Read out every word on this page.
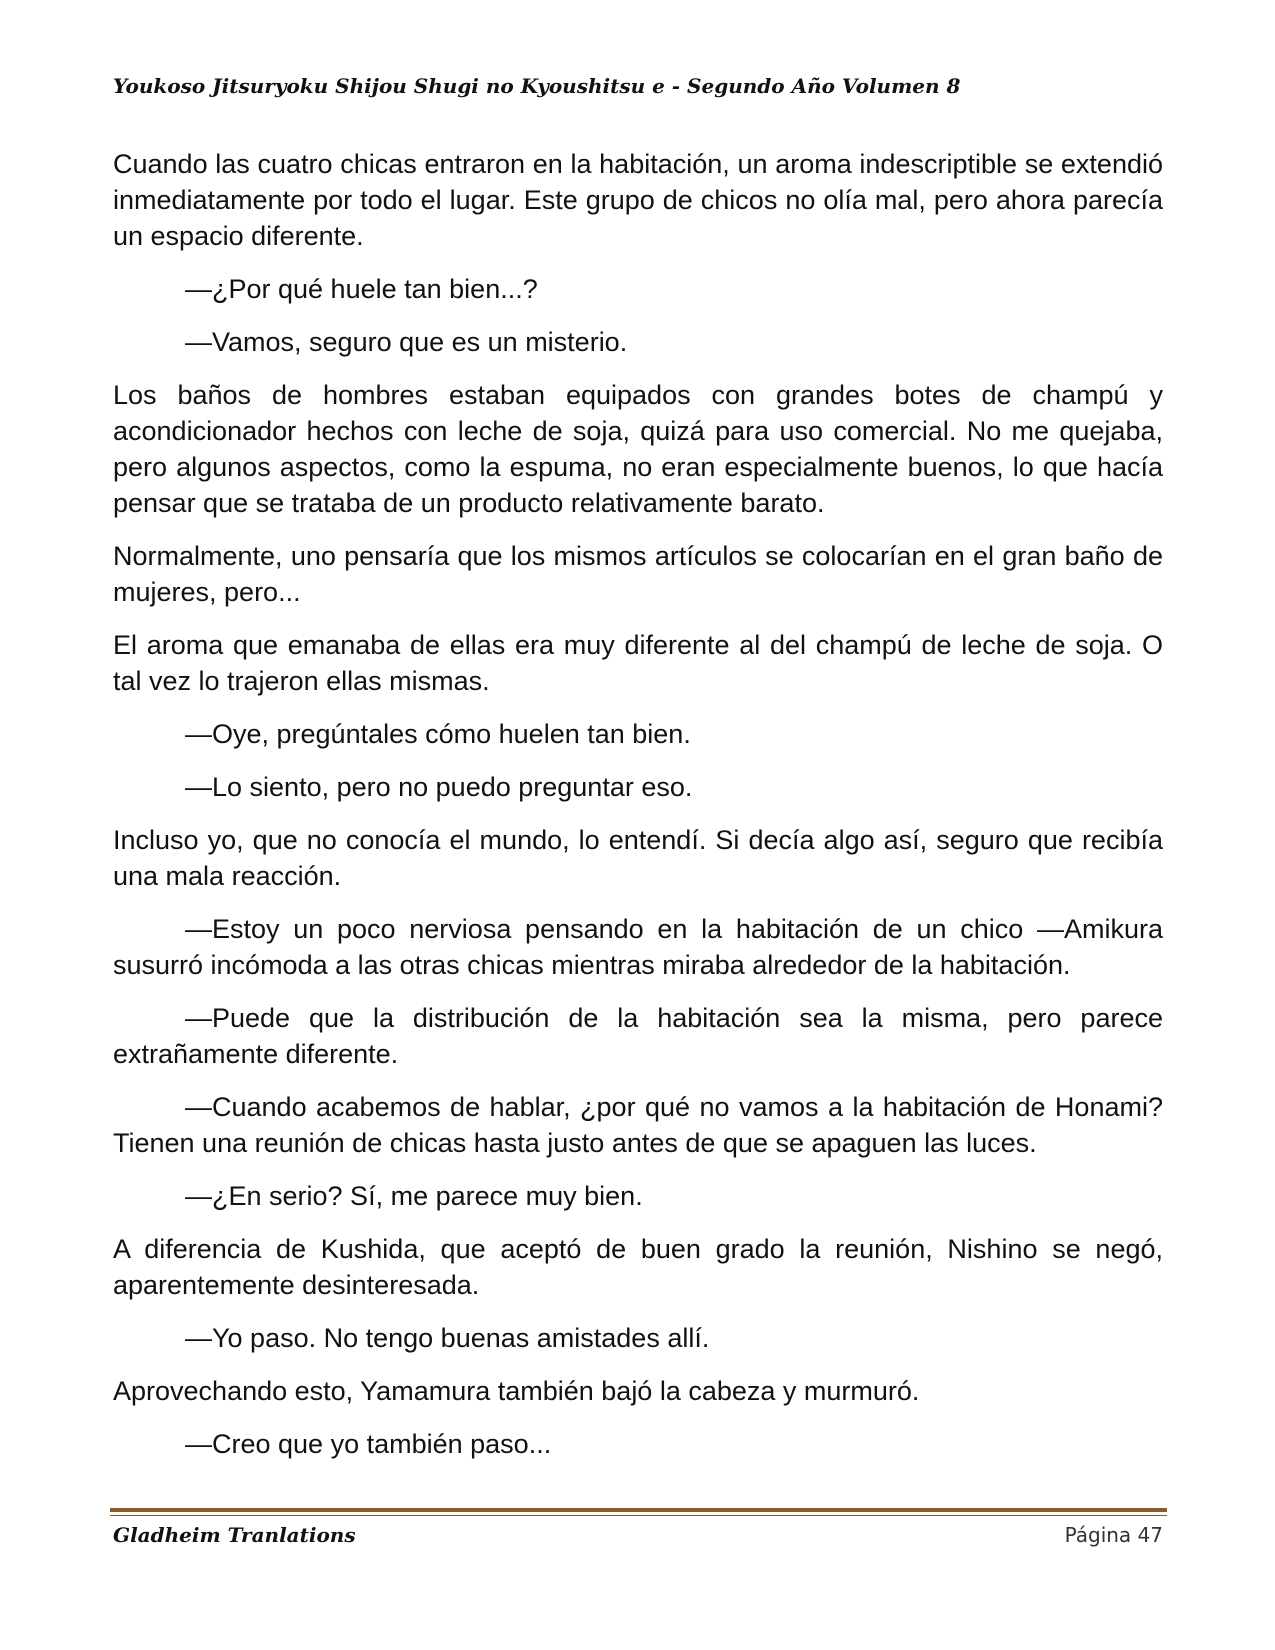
Youkoso Jitsuryoku Shijou Shugi no Kyoushitsu e - Segundo Año Volumen 8

Cuando las cuatro chicas entraron en la habitación, un aroma indescriptible se extendió inmediatamente por todo el lugar. Este grupo de chicos no olía mal, pero ahora parecía un espacio diferente.

—¿Por qué huele tan bien...?

—Vamos, seguro que es un misterio.

Los baños de hombres estaban equipados con grandes botes de champú y acondicionador hechos con leche de soja, quizá para uso comercial. No me quejaba, pero algunos aspectos, como la espuma, no eran especialmente buenos, lo que hacía pensar que se trataba de un producto relativamente barato.

Normalmente, uno pensaría que los mismos artículos se colocarían en el gran baño de mujeres, pero...

El aroma que emanaba de ellas era muy diferente al del champú de leche de soja. O tal vez lo trajeron ellas mismas.

—Oye, pregúntales cómo huelen tan bien.

—Lo siento, pero no puedo preguntar eso.

Incluso yo, que no conocía el mundo, lo entendí. Si decía algo así, seguro que recibía una mala reacción.

—Estoy un poco nerviosa pensando en la habitación de un chico —Amikura susurró incómoda a las otras chicas mientras miraba alrededor de la habitación.

—Puede que la distribución de la habitación sea la misma, pero parece extrañamente diferente.

—Cuando acabemos de hablar, ¿por qué no vamos a la habitación de Honami? Tienen una reunión de chicas hasta justo antes de que se apaguen las luces.

—¿En serio? Sí, me parece muy bien.

A diferencia de Kushida, que aceptó de buen grado la reunión, Nishino se negó, aparentemente desinteresada.

—Yo paso. No tengo buenas amistades allí.

Aprovechando esto, Yamamura también bajó la cabeza y murmuró.

—Creo que yo también paso...

Gladheim Tranlations	Página 47
